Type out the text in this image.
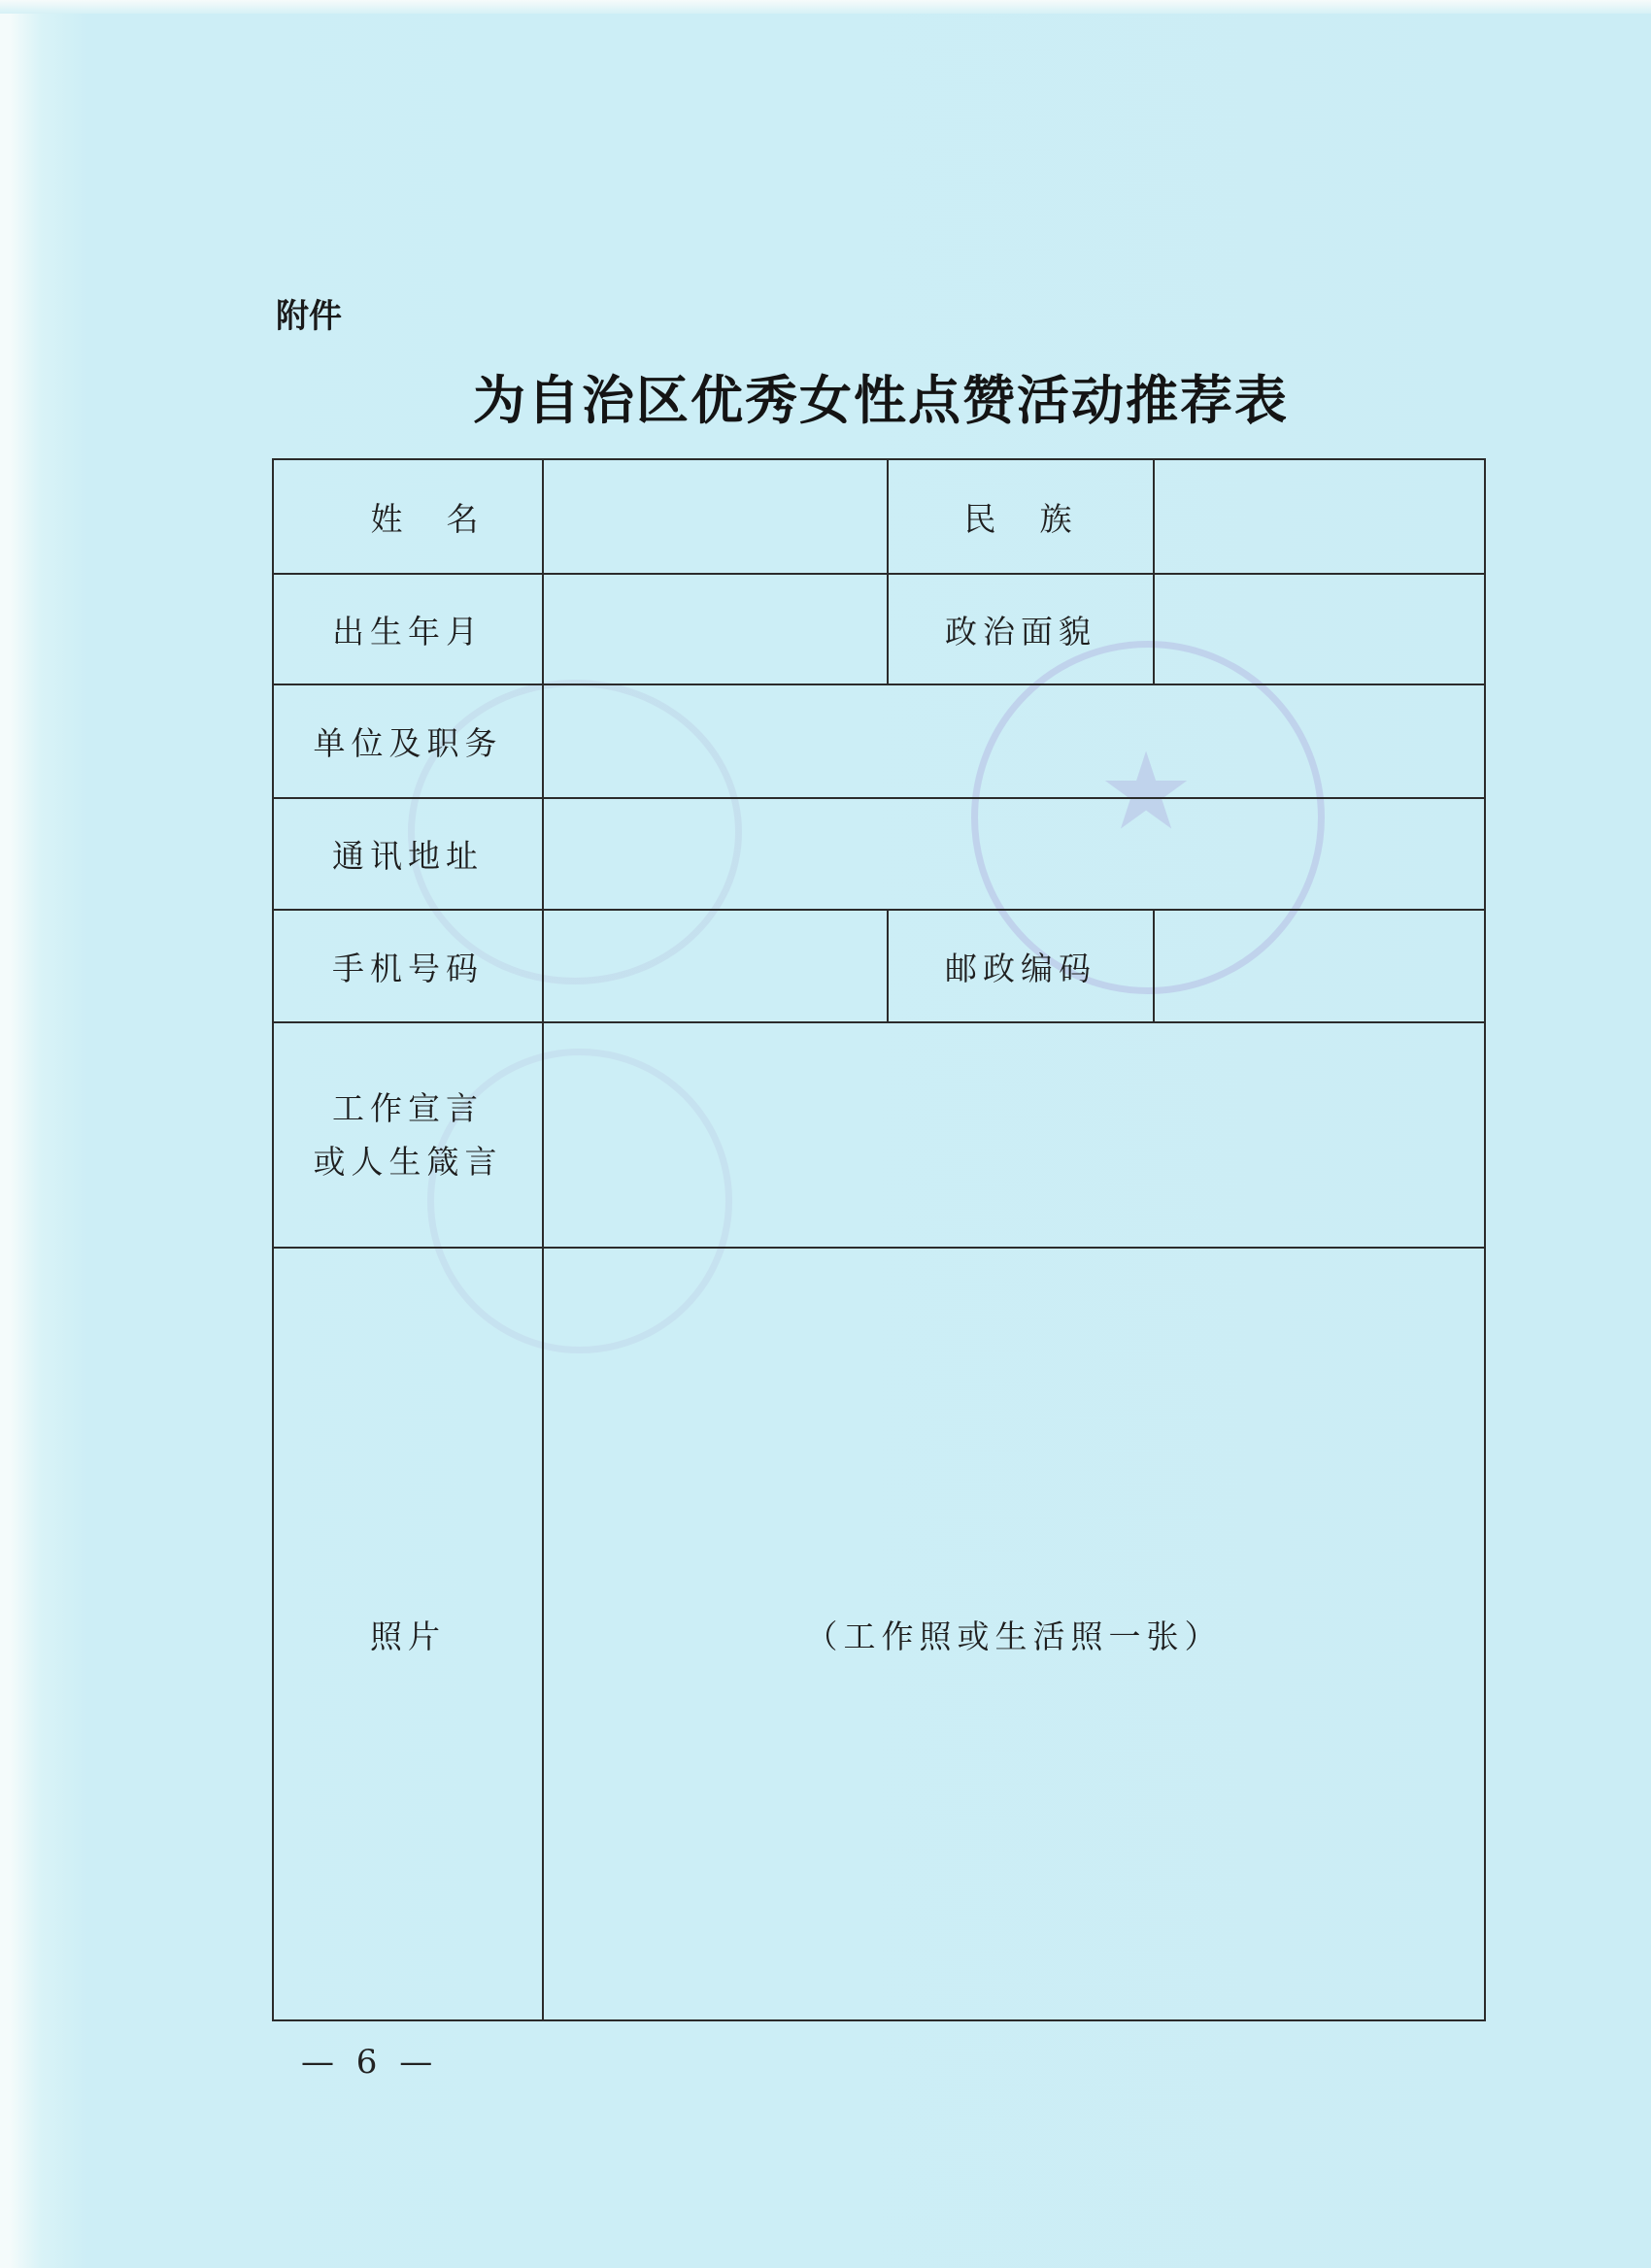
★
附件
为自治区优秀女性点赞活动推荐表
姓　名		民　族	
出生年月		政治面貌	
单位及职务			
通讯地址			
手机号码		邮政编码	

工作宣言
或人生箴言			

照片	（工作照或生活照一张）		
— 6 —
